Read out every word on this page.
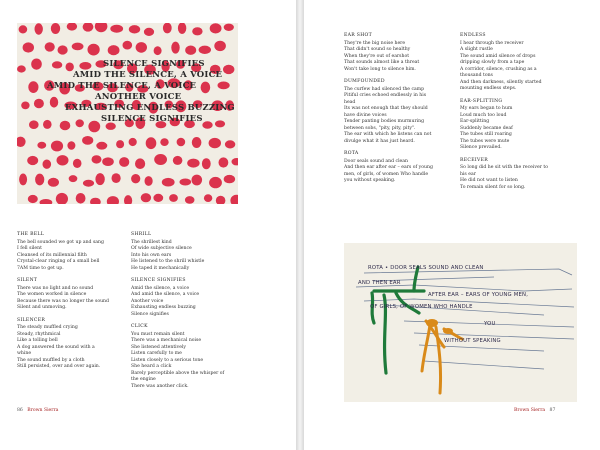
SILENCE SIGNIFIES
AMID THE SILENCE, A VOICE
AMID THE SILENCE, A VOICE
ANOTHER VOICE
EXHAUSTING ENDLESS BUZZING
SILENCE SIGNIFIES
THE BELL
The bell sounded we got up and sang
I fell silent
Cleansed of its millennial filth
Crystal-clear ringing of a small bell
7AM time to get up.
SILENT
There was no light and no sound
The women worked in silence
Because there was no longer the sound
Silent and unmoving.
SILENCER
The steady muffled crying
Steady, rhythmical
Like a tolling bell
A dog answered the sound with a
whine
The sound muffled by a cloth
Still persisted, over and over again.
SHRILL
The shrillest kind
Of wide subjective silence
Into his own ears
He listened to the shrill whistle
He taped it mechanically
SILENCE SIGNIFIES
Amid the silence, a voice
And amid the silence, a voice
Another voice
Exhausting endless buzzing
Silence signifies
CLICK
You must remain silent
There was a mechanical noise
She listened attentively
Listen carefully to me
Listen closely to a serious tone
She heard a click
Barely perceptible above the whisper of
the engine
There was another click.
86 Brown Sierra
EAR SHOT
They're the big noise here
That didn't sound so healthy
When they're out of earshot
That sounds almost like a threat
Won't take long to silence him.
DUMFOUNDED
The curfew had silenced the camp
Pitiful cries echoed endlessly in his
head
Its was not enough that they should
have divine voices
Tender panting bodies murmuring
between sobs, "pity, pity, pity".
The ear with which he listens can not
divulge what it has just heard.
ROTA
Door seals sound and clean
And then ear after ear – ears of young
men, of girls, of women Who handle
you without speaking.
ENDLESS
I hear through the receiver
A slight rustle
The sound amid silence of drops
dripping slowly from a tape
A corridor, silence, crushing as a
thousand tons
And then darkness, silently started
mounting endless steps.
EAR-SPLITTING
My ears began to hum
Loud much too loud
Ear-splitting
Suddenly became deaf
The tubes still roaring
The tubes were mute
Silence prevailed.
RECEIVER
So long did he sit with the receiver to
his ear
He did not want to listen
To remain silent for so long.
Brown Sierra 87
ROTA • DOOR SEALS SOUND AND CLEAN
AND THEN EAR
AFTER EAR – EARS OF YOUNG MEN,
OF GIRLS, OF WOMEN WHO HANDLE
YOU
WITHOUT SPEAKING
